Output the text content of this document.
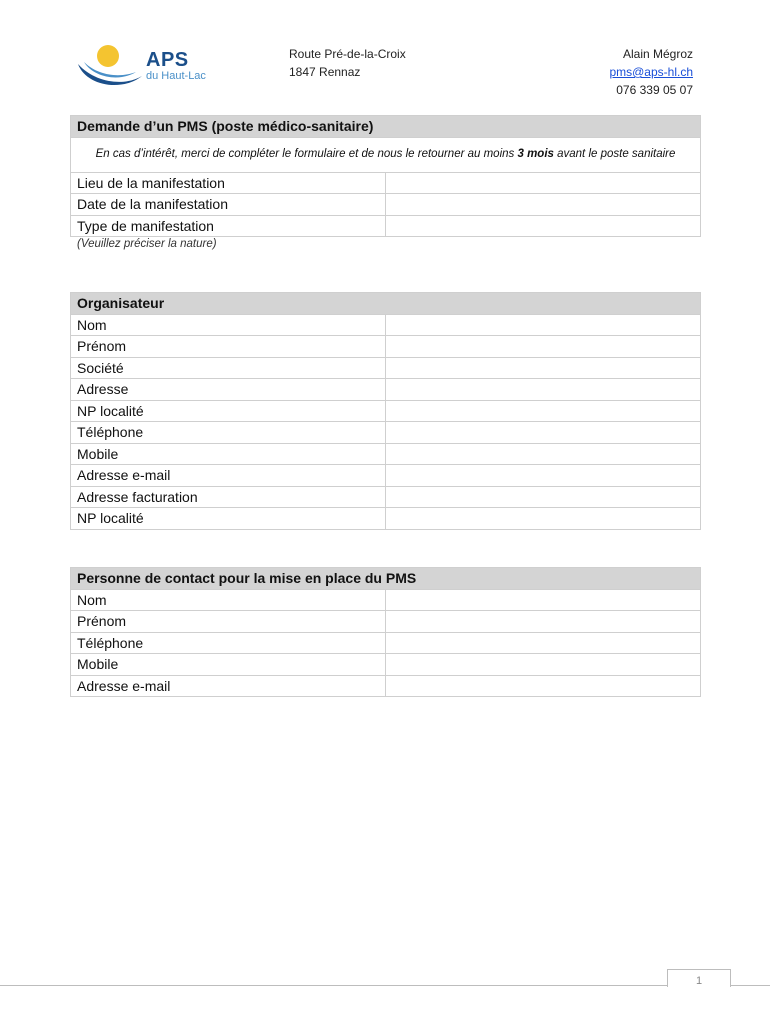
APS
du Haut-Lac
Route Pré-de-la-Croix
1847 Rennaz
Alain Mégroz
pms@aps-hl.ch
076 339 05 07
Demande d’un PMS (poste médico-sanitaire)	
En cas d’intérêt, merci de compléter le formulaire et de nous le retourner au moins 3 mois avant le poste sanitaire	
Lieu de la manifestation	
Date de la manifestation	
Type de manifestation	
(Veuillez préciser la nature)
Organisateur	
Nom	
Prénom	
Société	
Adresse	
NP localité	
Téléphone	
Mobile	
Adresse e-mail	
Adresse facturation	
NP localité	
Personne de contact pour la mise en place du PMS	
Nom	
Prénom	
Téléphone	
Mobile	
Adresse e-mail	
1
